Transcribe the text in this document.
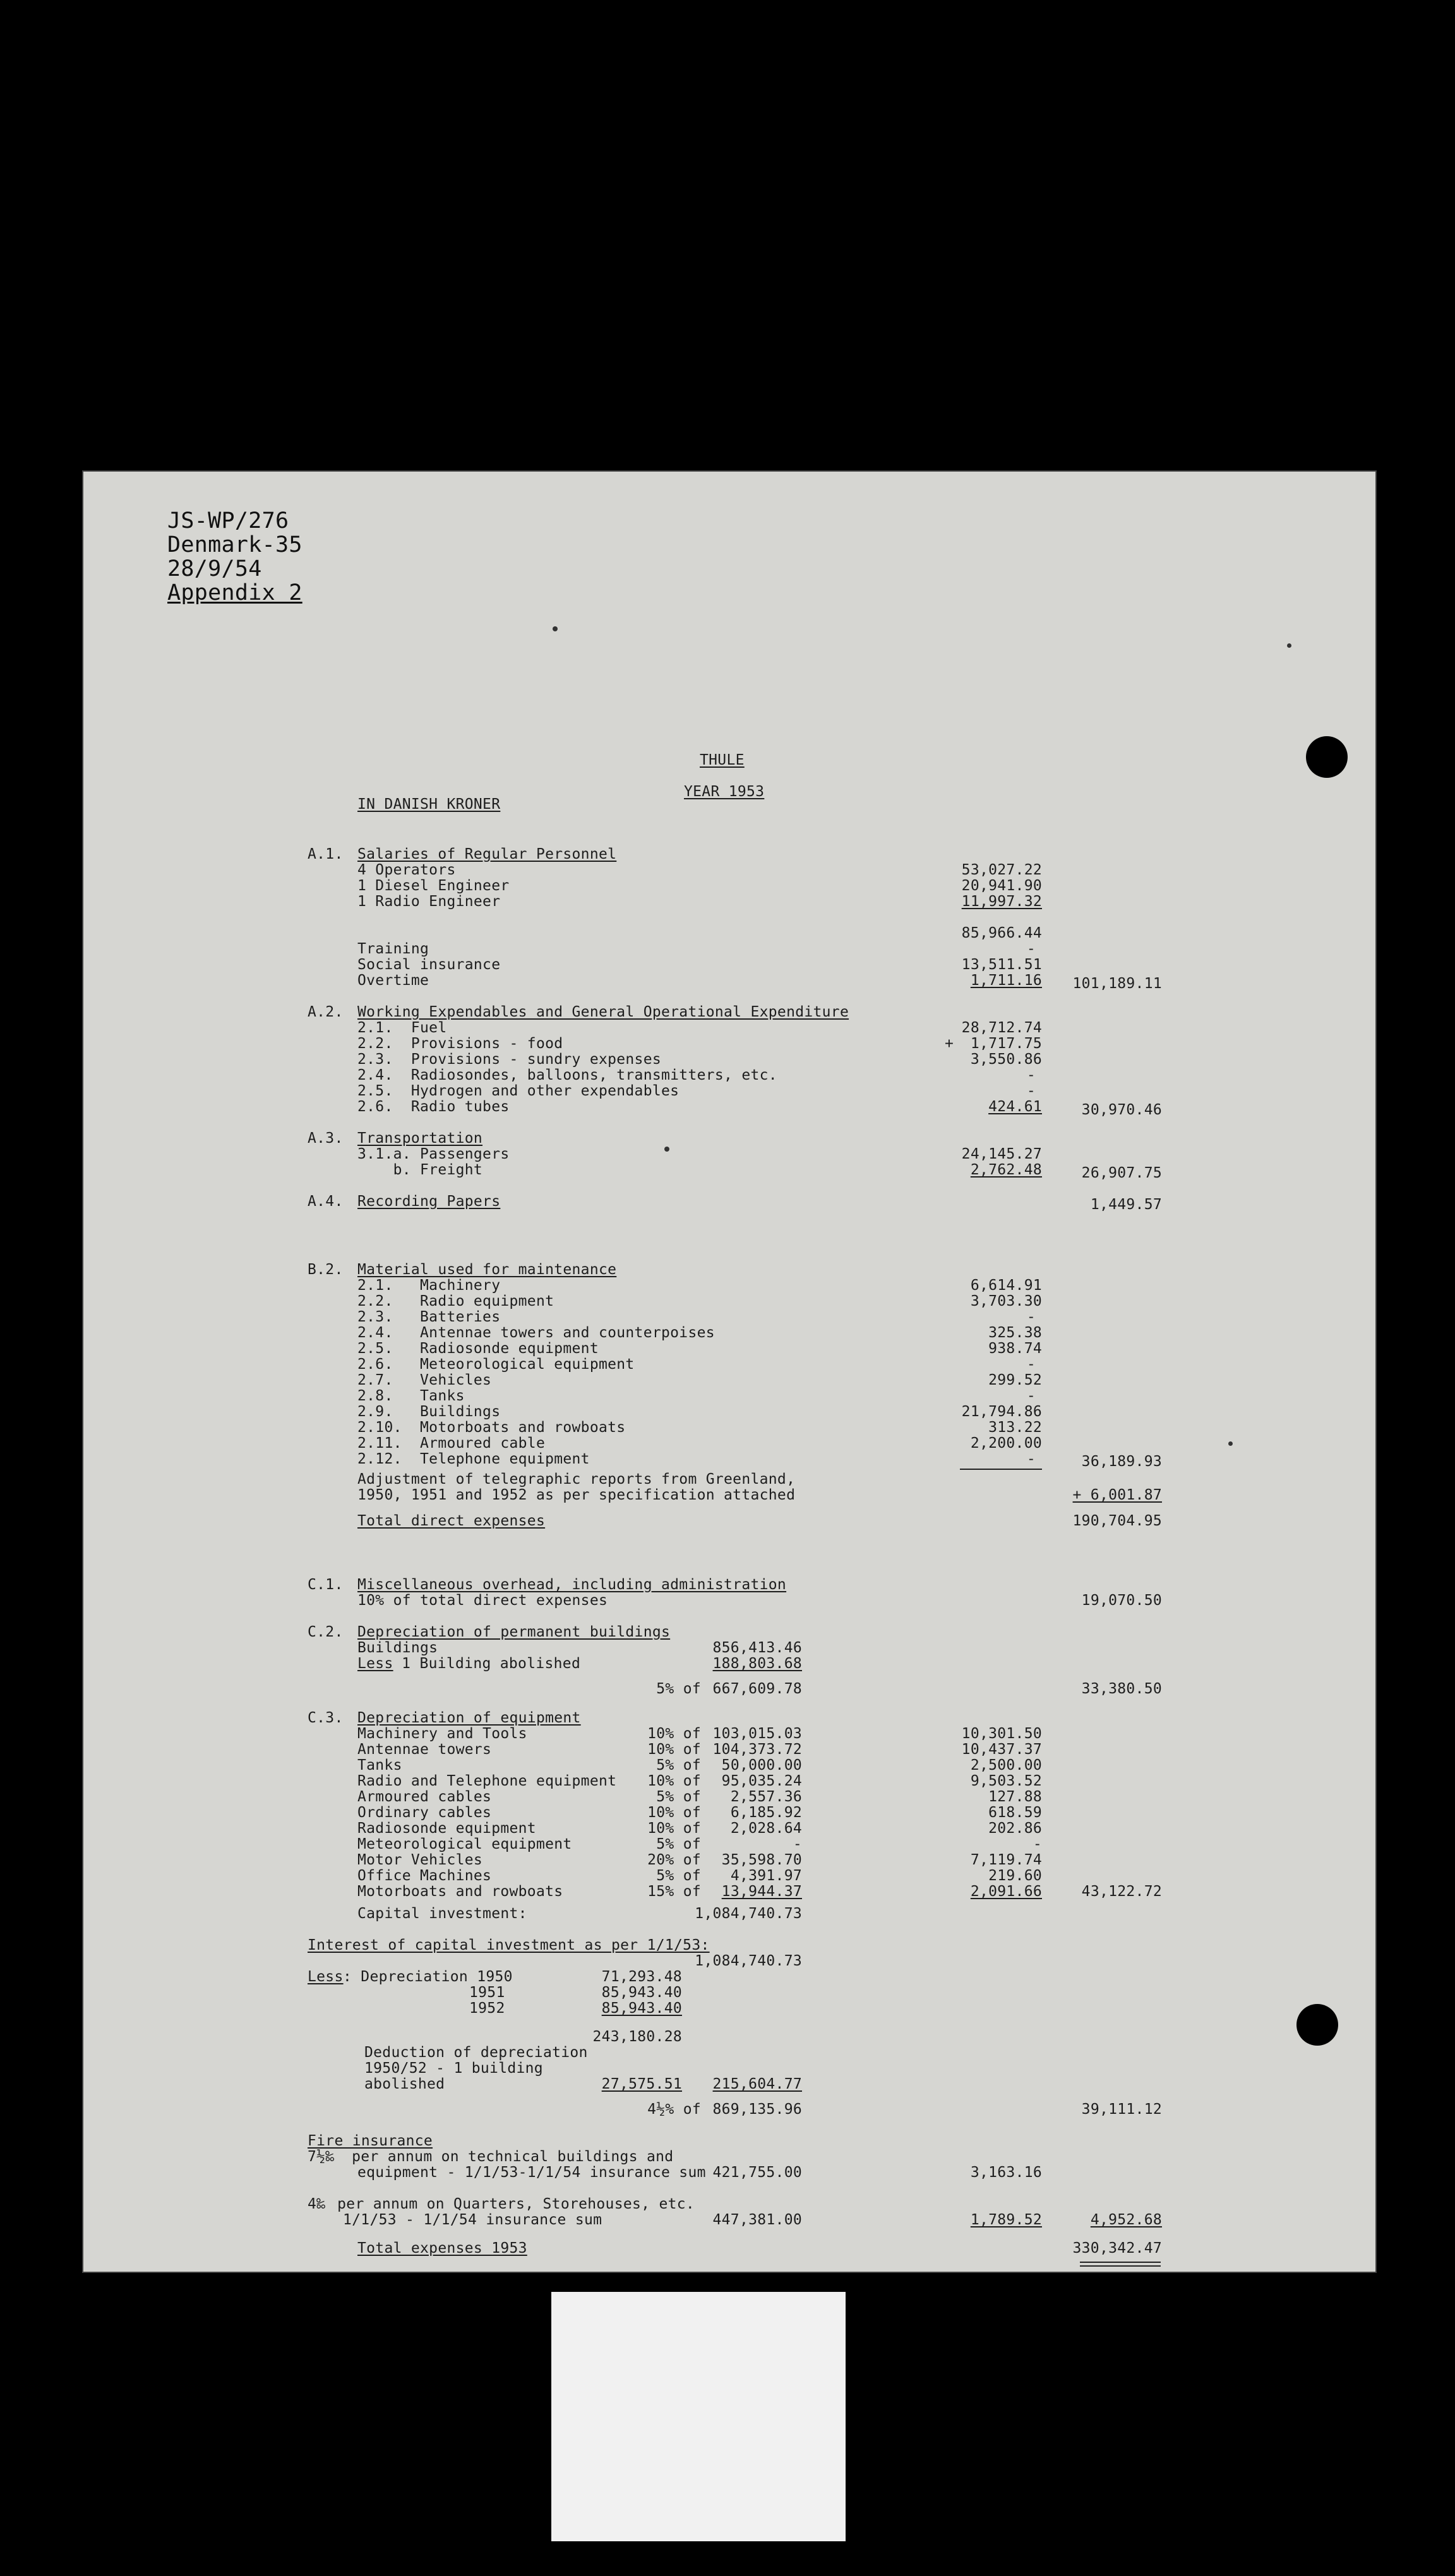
JS-WP/276
Denmark-35
28/9/54
Appendix 2
THULE
YEAR 1953
IN DANISH KRONER
A.1. Salaries of Regular Personnel
4 Operators	53,027.22
1 Diesel Engineer	20,941.90
1 Radio Engineer	11,997.32
85,966.44
Training	-
Social insurance	13,511.51
Overtime	1,711.16	101,189.11
A.2. Working Expendables and General Operational Expenditure
2.1.  Fuel	28,712.74
2.2.  Provisions - food	+	1,717.75
2.3.  Provisions - sundry expenses	3,550.86
2.4.  Radiosondes, balloons, transmitters, etc.	-
2.5.  Hydrogen and other expendables	-
2.6.  Radio tubes	424.61	30,970.46
A.3. Transportation
3.1.a. Passengers	24,145.27
b. Freight	2,762.48	26,907.75
A.4. Recording Papers	1,449.57
B.2. Material used for maintenance
2.1.   Machinery	6,614.91
2.2.   Radio equipment	3,703.30
2.3.   Batteries	-
2.4.   Antennae towers and counterpoises	325.38
2.5.   Radiosonde equipment	938.74
2.6.   Meteorological equipment	-
2.7.   Vehicles	299.52
2.8.   Tanks	-
2.9.   Buildings	21,794.86
2.10.  Motorboats and rowboats	313.22
2.11.  Armoured cable	2,200.00
2.12.  Telephone equipment	-	36,189.93
Adjustment of telegraphic reports from Greenland,
1950, 1951 and 1952 as per specification attached	+ 6,001.87
Total direct expenses	190,704.95
C.1. Miscellaneous overhead, including administration
10% of total direct expenses	19,070.50
C.2. Depreciation of permanent buildings
Buildings	856,413.46
Less 1 Building abolished	188,803.68
5% of 667,609.78	33,380.50
C.3. Depreciation of equipment
Machinery and Tools	10% of 103,015.03	10,301.50
Antennae towers	10% of 104,373.72	10,437.37
Tanks	5% of	50,000.00	2,500.00
Radio and Telephone equipment	10% of	95,035.24	9,503.52
Armoured cables	5% of	2,557.36	127.88
Ordinary cables	10% of	6,185.92	618.59
Radiosonde equipment	10% of	2,028.64	202.86
Meteorological equipment	5% of	-	-
Motor Vehicles	20% of	35,598.70	7,119.74
Office Machines	5% of	4,391.97	219.60
Motorboats and rowboats	15% of	13,944.37	2,091.66	43,122.72
Capital investment:	1,084,740.73
Interest of capital investment as per 1/1/53:
1,084,740.73
Less : Depreciation 1950	71,293.48
1951	85,943.40
1952	85,943.40
243,180.28
Deduction of depreciation
1950/52 - 1 building
abolished	27,575.51	215,604.77
4½% of 869,135.96	39,111.12
Fire insurance
7½‰ per annum on technical buildings and
equipment - 1/1/53-1/1/54 insurance sum 421,755.00	3,163.16
4‰ per annum on Quarters, Storehouses, etc.
1/1/53 - 1/1/54 insurance sum	447,381.00	1,789.52	4,952.68
Total expenses 1953	330,342.47
